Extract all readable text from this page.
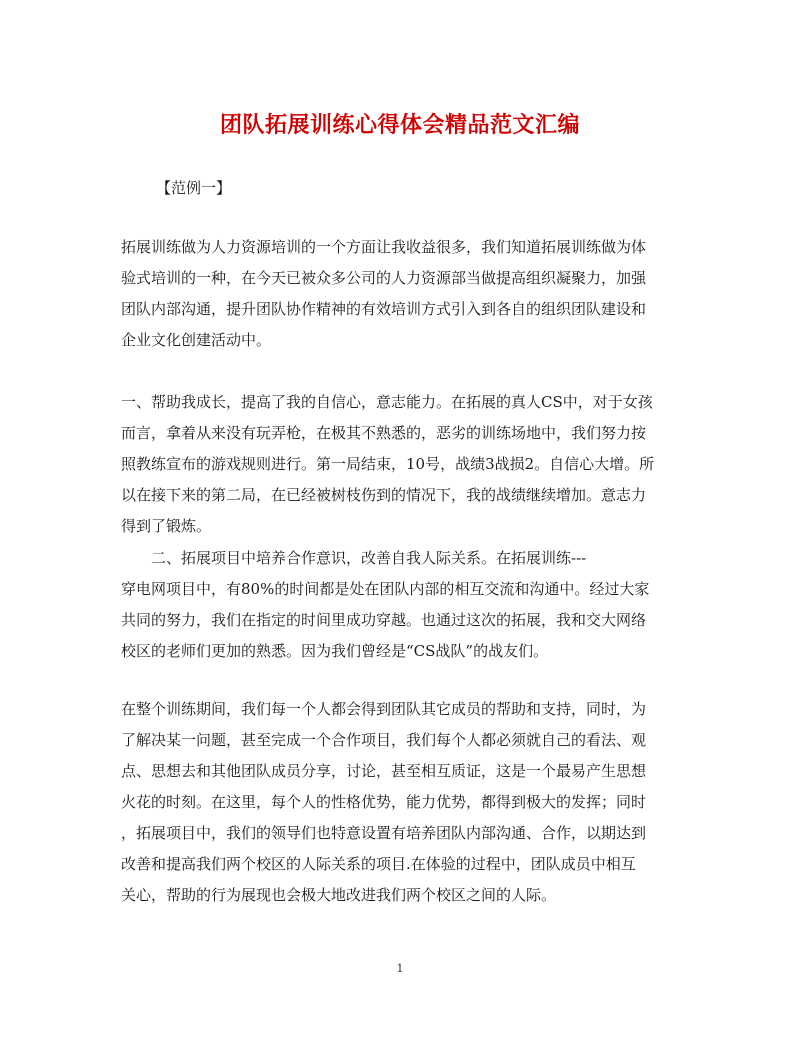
团队拓展训练心得体会精品范文汇编
【范例一】
拓展训练做为人力资源培训的一个方面让我收益很多，我们知道拓展训练做为体
验式培训的一种，在今天已被众多公司的人力资源部当做提高组织凝聚力，加强
团队内部沟通，提升团队协作精神的有效培训方式引入到各自的组织团队建设和
企业文化创建活动中。
一、帮助我成长，提高了我的自信心，意志能力。在拓展的真人CS中，对于女孩
而言，拿着从来没有玩弄枪，在极其不熟悉的，恶劣的训练场地中，我们努力按
照教练宣布的游戏规则进行。第一局结束，10号，战绩3战损2。自信心大增。所
以在接下来的第二局，在已经被树枝伤到的情况下，我的战绩继续增加。意志力
得到了锻炼。
二、拓展项目中培养合作意识，改善自我人际关系。在拓展训练---
穿电网项目中，有80%的时间都是处在团队内部的相互交流和沟通中。经过大家
共同的努力，我们在指定的时间里成功穿越。也通过这次的拓展，我和交大网络
校区的老师们更加的熟悉。因为我们曾经是“CS战队”的战友们。
在整个训练期间，我们每一个人都会得到团队其它成员的帮助和支持，同时，为
了解决某一问题，甚至完成一个合作项目，我们每个人都必须就自己的看法、观
点、思想去和其他团队成员分享，讨论，甚至相互质证，这是一个最易产生思想
火花的时刻。在这里，每个人的性格优势，能力优势，都得到极大的发挥；同时
，拓展项目中，我们的领导们也特意设置有培养团队内部沟通、合作，以期达到
改善和提高我们两个校区的人际关系的项目.在体验的过程中，团队成员中相互
关心，帮助的行为展现也会极大地改进我们两个校区之间的人际。
1
